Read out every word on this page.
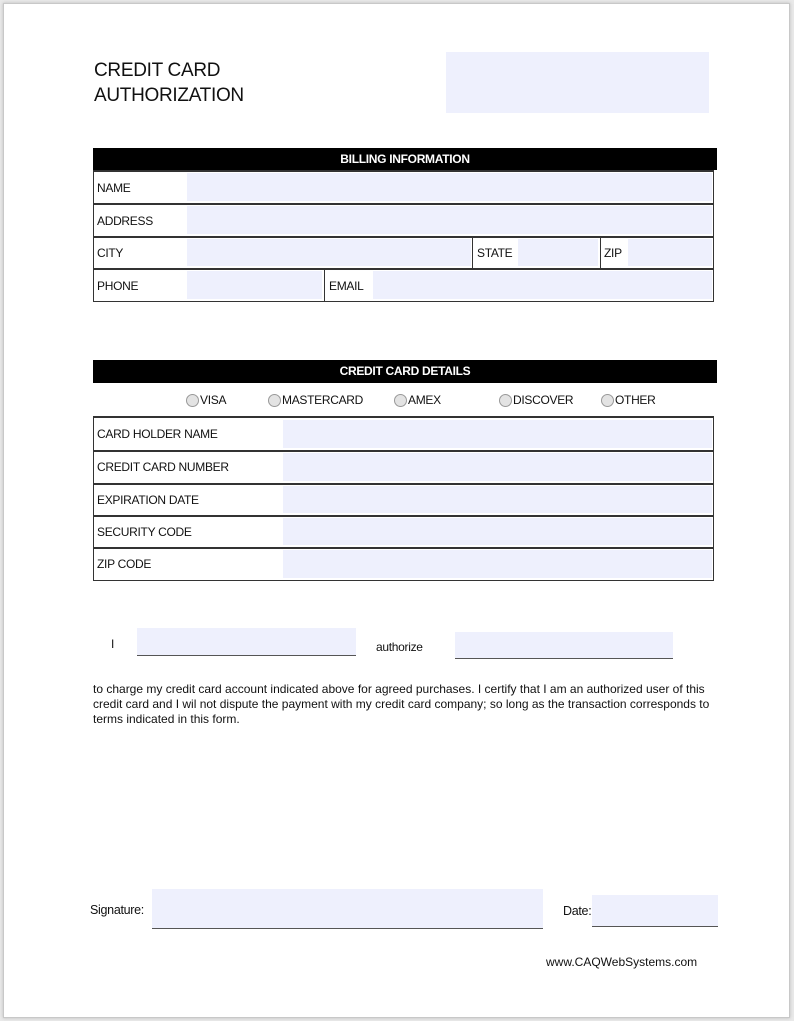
CREDIT CARD
AUTHORIZATION
BILLING INFORMATION
NAME
ADDRESS
CITY	STATE	ZIP
PHONE	EMAIL
CREDIT CARD DETAILS
VISA	MASTERCARD	AMEX	DISCOVER	OTHER
CARD HOLDER NAME
CREDIT CARD NUMBER
EXPIRATION DATE
SECURITY CODE
ZIP CODE
I	authorize
to charge my credit card account indicated above for agreed purchases. I certify that I am an authorized user of this credit card and I wil not dispute the payment with my credit card company; so long as the transaction corresponds to terms indicated in this form.
Signature:	Date:
www.CAQWebSystems.com
